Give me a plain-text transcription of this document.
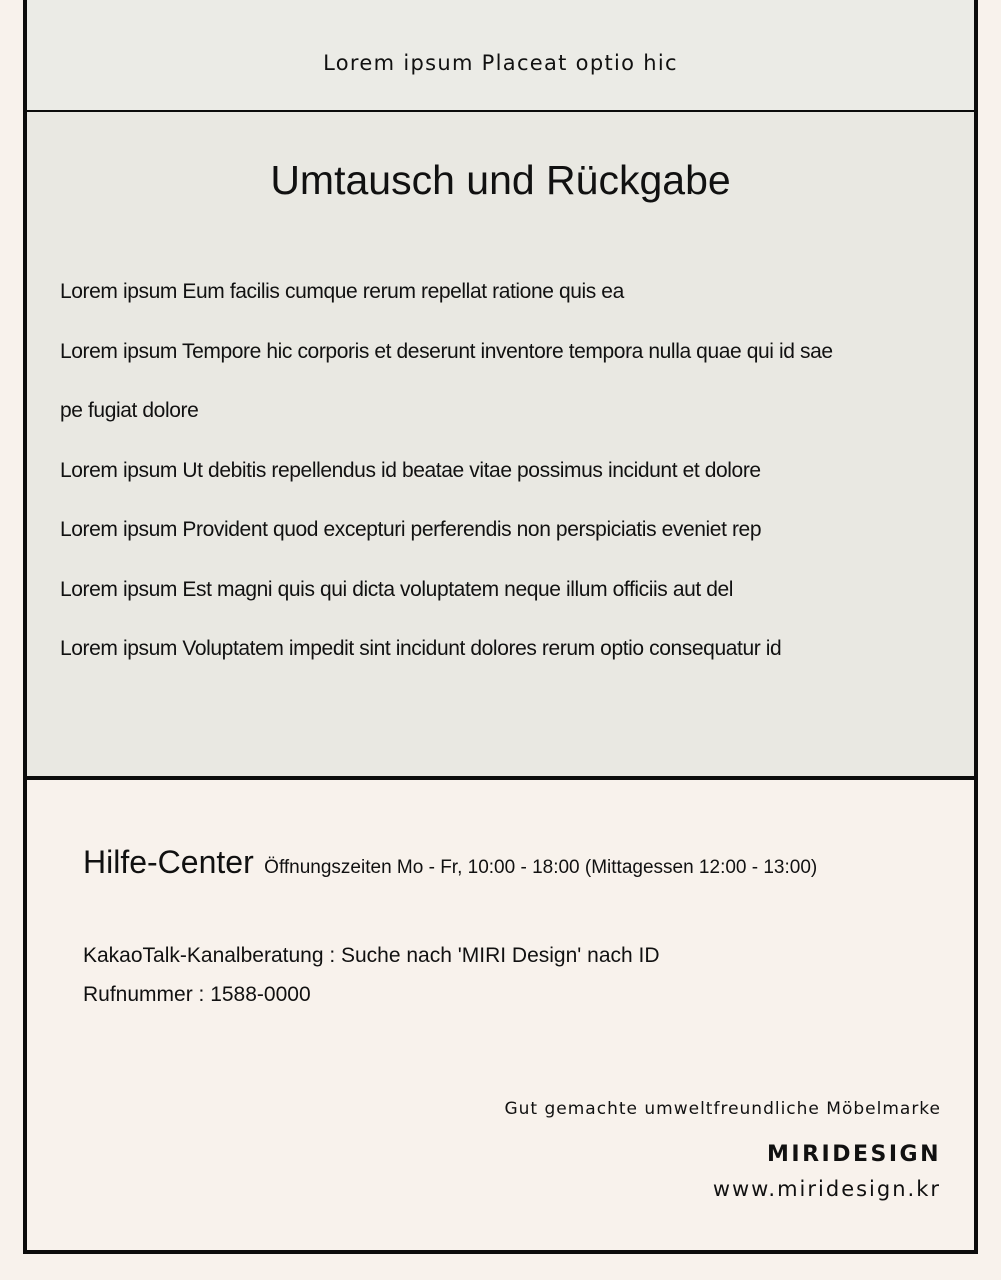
Lorem ipsum Placeat optio hic
Umtausch und Rückgabe
Lorem ipsum Eum facilis cumque rerum repellat ratione quis ea
Lorem ipsum Tempore hic corporis et deserunt inventore tempora nulla quae qui id sae
pe fugiat dolore
Lorem ipsum Ut debitis repellendus id beatae vitae possimus incidunt et dolore
Lorem ipsum Provident quod excepturi perferendis non perspiciatis eveniet rep
Lorem ipsum Est magni quis qui dicta voluptatem neque illum officiis aut del
Lorem ipsum Voluptatem impedit sint incidunt dolores rerum optio consequatur id
Hilfe-Center Öffnungszeiten Mo - Fr, 10:00 - 18:00 (Mittagessen 12:00 - 13:00)
KakaoTalk-Kanalberatung : Suche nach 'MIRI Design' nach ID
Rufnummer : 1588-0000
Gut gemachte umweltfreundliche Möbelmarke
MIRIDESIGN
www.miridesign.kr
